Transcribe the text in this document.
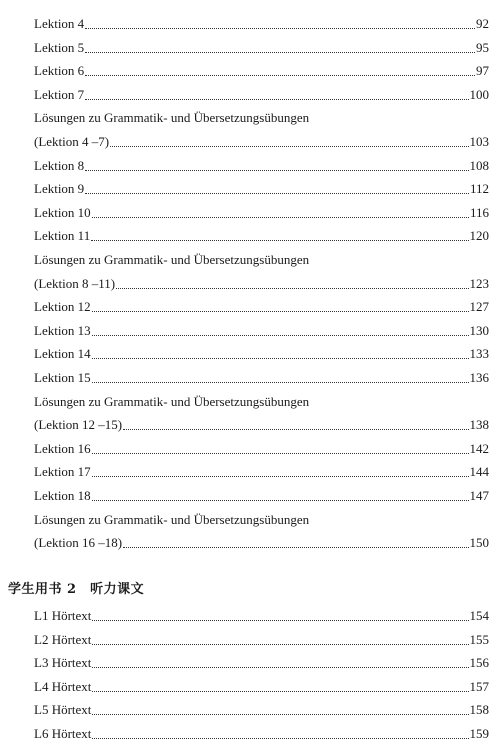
Lektion 4	92
Lektion 5	95
Lektion 6	97
Lektion 7	100
Lösungen zu Grammatik- und Übersetzungsübungen
(Lektion 4 –7)	103
Lektion 8	108
Lektion 9	112
Lektion 10	116
Lektion 11	120
Lösungen zu Grammatik- und Übersetzungsübungen
(Lektion 8 –11)	123
Lektion 12	127
Lektion 13	130
Lektion 14	133
Lektion 15	136
Lösungen zu Grammatik- und Übersetzungsübungen
(Lektion 12 –15)	138
Lektion 16	142
Lektion 17	144
Lektion 18	147
Lösungen zu Grammatik- und Übersetzungsübungen
(Lektion 16 –18)	150
学生用书 2　听力课文
L1 Hörtext	154
L2 Hörtext	155
L3 Hörtext	156
L4 Hörtext	157
L5 Hörtext	158
L6 Hörtext	159
